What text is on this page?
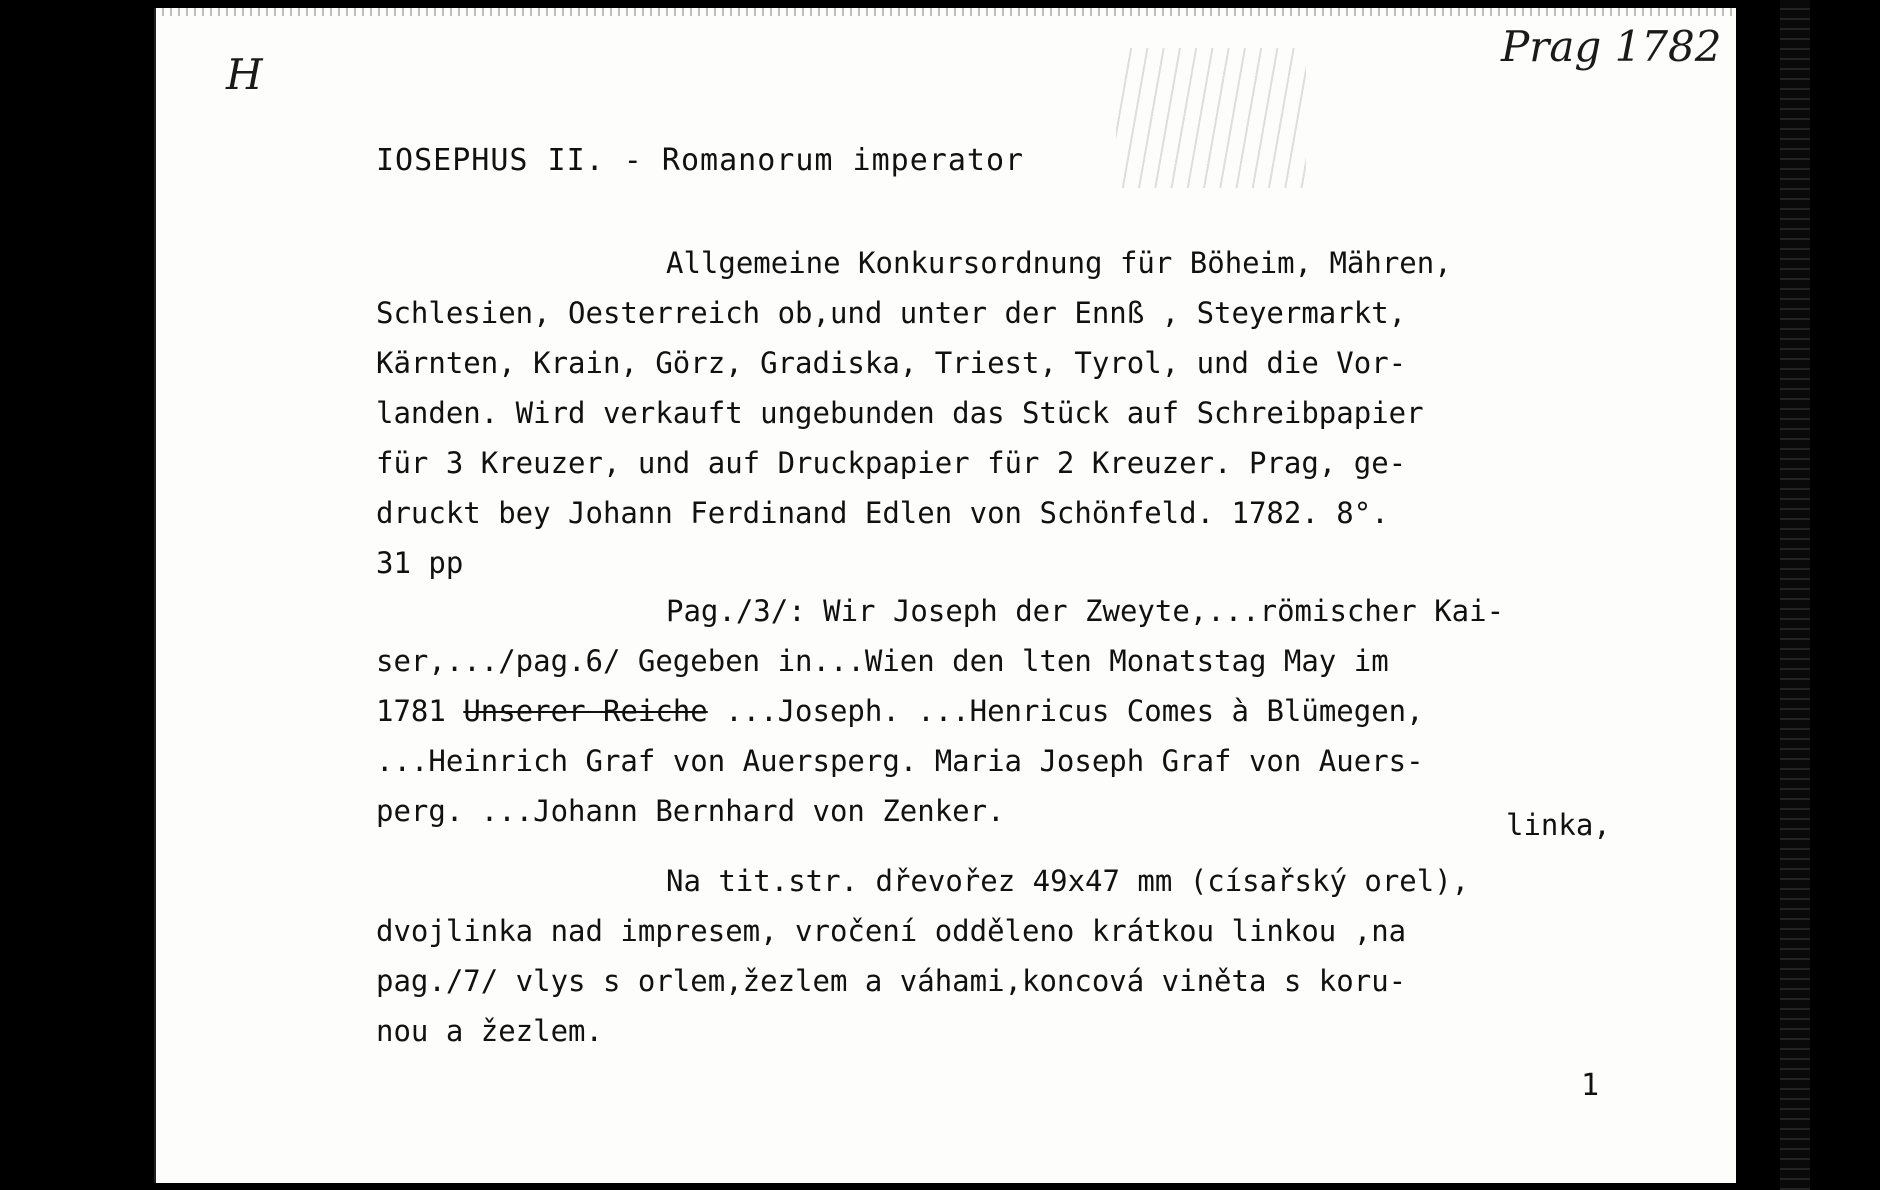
H
Prag 1782
IOSEPHUS II. - Romanorum imperator

Allgemeine Konkursordnung für Böheim, Mähren,
Schlesien, Oesterreich ob,und unter der Ennß , Steyermarkt,
Kärnten, Krain, Görz, Gradiska, Triest, Tyrol, und die Vor-
landen. Wird verkauft ungebunden das Stück auf Schreibpapier
für 3 Kreuzer, und auf Druckpapier für 2 Kreuzer. Prag, ge-
druckt bey Johann Ferdinand Edlen von Schönfeld. 1782. 8°.
31 pp

Pag./3/: Wir Joseph der Zweyte,...römischer Kai-
ser,.../pag.6/ Gegeben in...Wien den lten Monatstag May im
1781 Unserer Reiche ...Joseph. ...Henricus Comes à Blümegen,
...Heinrich Graf von Auersperg. Maria Joseph Graf von Auers-
perg. ...Johann Bernhard von Zenker.	linka,

Na tit.str. dřevořez 49x47 mm (císařský orel),
dvojlinka nad impresem, vročení odděleno krátkou linkou ,na
pag./7/ vlys s orlem,žezlem a váhami,koncová viněta s koru-
nou a žezlem.

1
